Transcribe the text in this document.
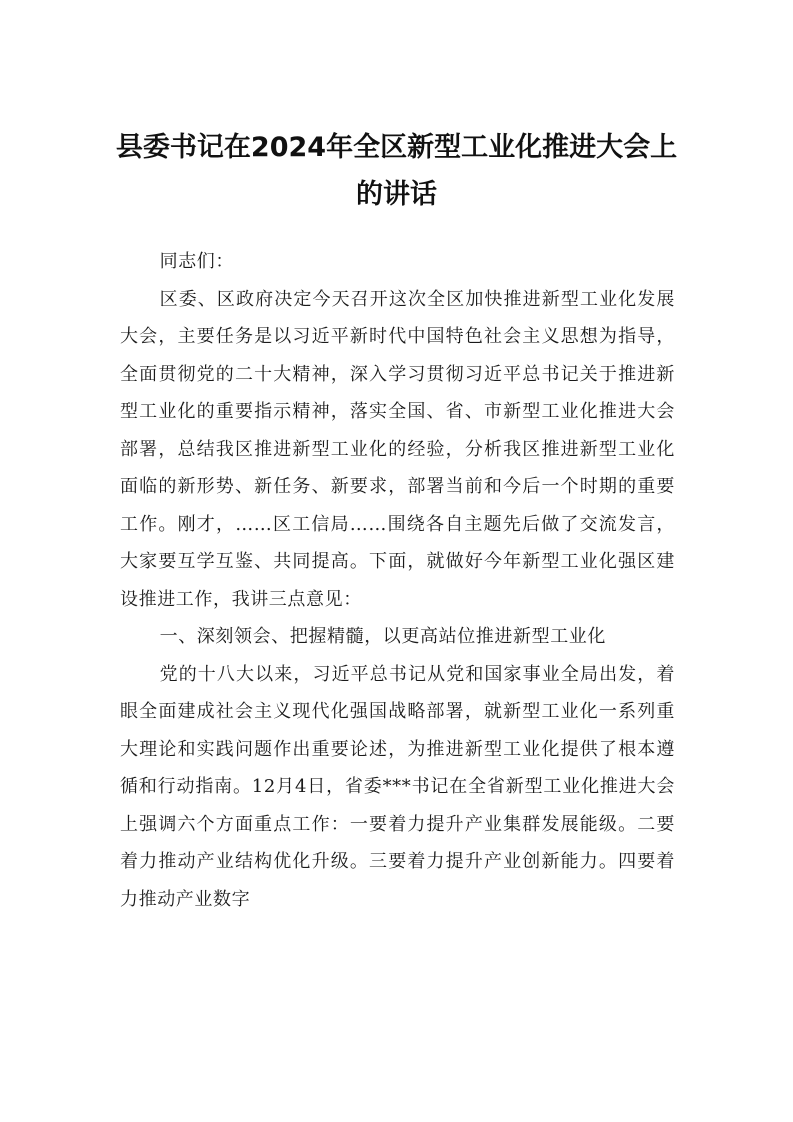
县委书记在2024年全区新型工业化推进大会上的讲话

同志们：

区委、区政府决定今天召开这次全区加快推进新型工业化发展大会，主要任务是以习近平新时代中国特色社会主义思想为指导，全面贯彻党的二十大精神，深入学习贯彻习近平总书记关于推进新型工业化的重要指示精神，落实全国、省、市新型工业化推进大会部署，总结我区推进新型工业化的经验，分析我区推进新型工业化面临的新形势、新任务、新要求，部署当前和今后一个时期的重要工作。刚才，……区工信局……围绕各自主题先后做了交流发言，大家要互学互鉴、共同提高。下面，就做好今年新型工业化强区建设推进工作，我讲三点意见：

一、深刻领会、把握精髓，以更高站位推进新型工业化

党的十八大以来，习近平总书记从党和国家事业全局出发，着眼全面建成社会主义现代化强国战略部署，就新型工业化一系列重大理论和实践问题作出重要论述，为推进新型工业化提供了根本遵循和行动指南。12月4日，省委***书记在全省新型工业化推进大会上强调六个方面重点工作：一要着力提升产业集群发展能级。二要着力推动产业结构优化升级。三要着力提升产业创新能力。四要着力推动产业数字
